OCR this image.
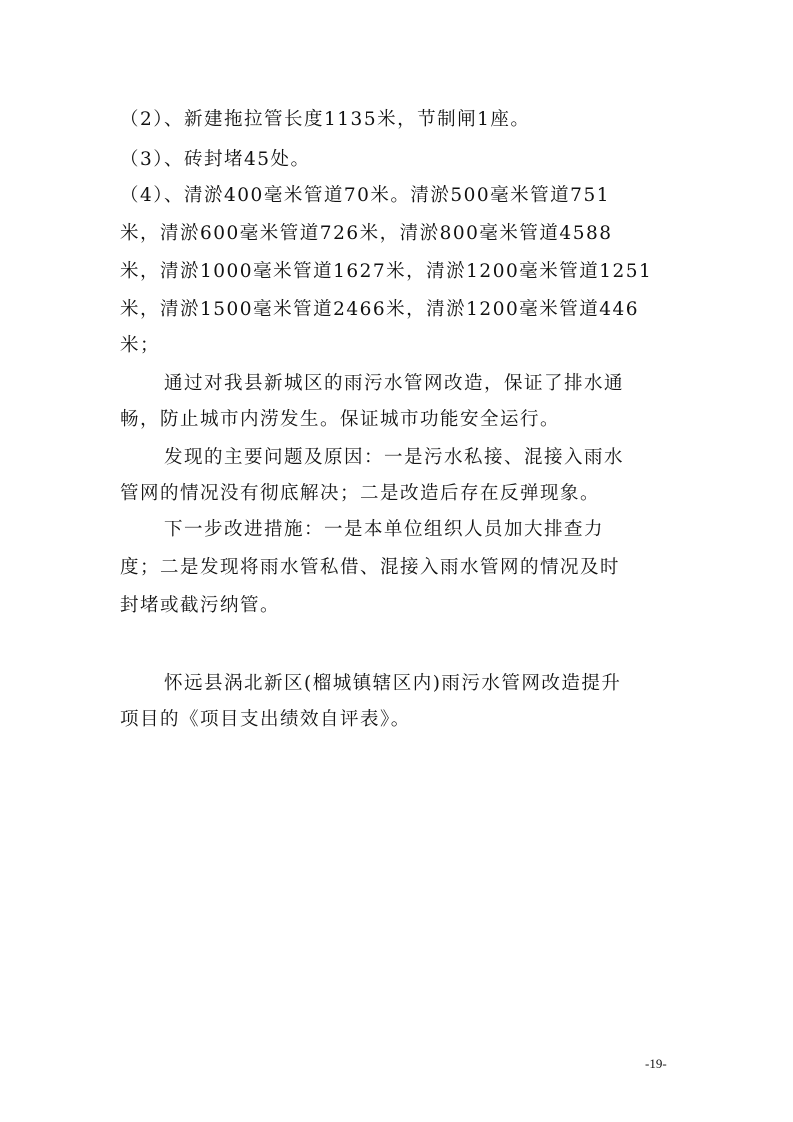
（2）、新建拖拉管长度1135米，节制闸1座。
（3）、砖封堵45处。
（4）、清淤400毫米管道70米。清淤500毫米管道751
米，清淤600毫米管道726米，清淤800毫米管道4588
米，清淤1000毫米管道1627米，清淤1200毫米管道1251
米，清淤1500毫米管道2466米，清淤1200毫米管道446
米；
通过对我县新城区的雨污水管网改造，保证了排水通
畅，防止城市内涝发生。保证城市功能安全运行。
发现的主要问题及原因：一是污水私接、混接入雨水
管网的情况没有彻底解决；二是改造后存在反弹现象。
下一步改进措施：一是本单位组织人员加大排查力
度；二是发现将雨水管私借、混接入雨水管网的情况及时
封堵或截污纳管。
怀远县涡北新区(榴城镇辖区内)雨污水管网改造提升
项目的《项目支出绩效自评表》。
-19-
